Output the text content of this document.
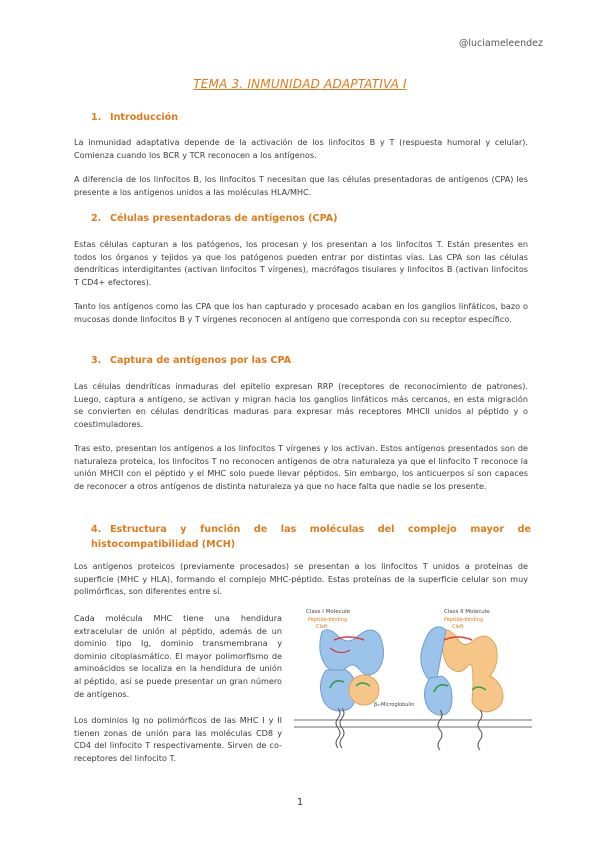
@luciameleendez
TEMA 3. INMUNIDAD ADAPTATIVA I
1. Introducción
La inmunidad adaptativa depende de la activación de los linfocitos B y T (respuesta humoral y celular). Comienza cuando los BCR y TCR reconocen a los antígenos.
A diferencia de los linfocitos B, los linfocitos T necesitan que las células presentadoras de antígenos (CPA) les presente a los antígenos unidos a las moléculas HLA/MHC.
2. Células presentadoras de antígenos (CPA)
Estas células capturan a los patógenos, los procesan y los presentan a los linfocitos T. Están presentes en todos los órganos y tejidos ya que los patógenos pueden entrar por distintas vías. Las CPA son las células dendríticas interdigitantes (activan linfocitos T vírgenes), macrófagos tisulares y linfocitos B (activan linfocitos T CD4+ efectores).
Tanto los antígenos como las CPA que los han capturado y procesado acaban en los ganglios linfáticos, bazo o mucosas donde linfocitos B y T vírgenes reconocen al antígeno que corresponda con su receptor específico.
3. Captura de antígenos por las CPA
Las células dendríticas inmaduras del epitelio expresan RRP (receptores de reconocimiento de patrones). Luego, captura a antígeno, se activan y migran hacia los ganglios linfáticos más cercanos, en esta migración se convierten en células dendríticas maduras para expresar más receptores MHCII unidos al péptido y o coestimuladores.
Tras esto, presentan los antígenos a los linfocitos T vírgenes y los activan. Estos antígenos presentados son de naturaleza proteica, los linfocitos T no reconocen antígenos de otra naturaleza ya que el linfocito T reconoce la unión MHCII con el péptido y el MHC solo puede llevar péptidos. Sin embargo, los anticuerpos sí son capaces de reconocer a otros antígenos de distinta naturaleza ya que no hace falta que nadie se los presente.
4. Estructura y función de las moléculas del complejo mayor de histocompatibilidad (MCH)
Los antígenos proteicos (previamente procesados) se presentan a los linfocitos T unidos a proteínas de superficie (MHC y HLA), formando el complejo MHC-péptido. Estas proteínas de la superficie celular son muy polimórficas, son diferentes entre sí.
Cada molécula MHC tiene una hendidura extracelular de unión al péptido, además de un dominio tipo Ig, dominio transmembrana y dominio citoplasmático. El mayor polimorfismo de aminoácidos se localiza en la hendidura de unión al péptido, así se puede presentar un gran número de antígenos.
Los dominios Ig no polimórficos de las MHC I y II tienen zonas de unión para las moléculas CD8 y CD4 del linfocito T respectivamente. Sirven de co-receptores del linfocito T.
Class I Molecule
Peptide-binding
Cleft
Class II Molecule
Peptide-binding
Cleft
β₂-Microglobulin
1
